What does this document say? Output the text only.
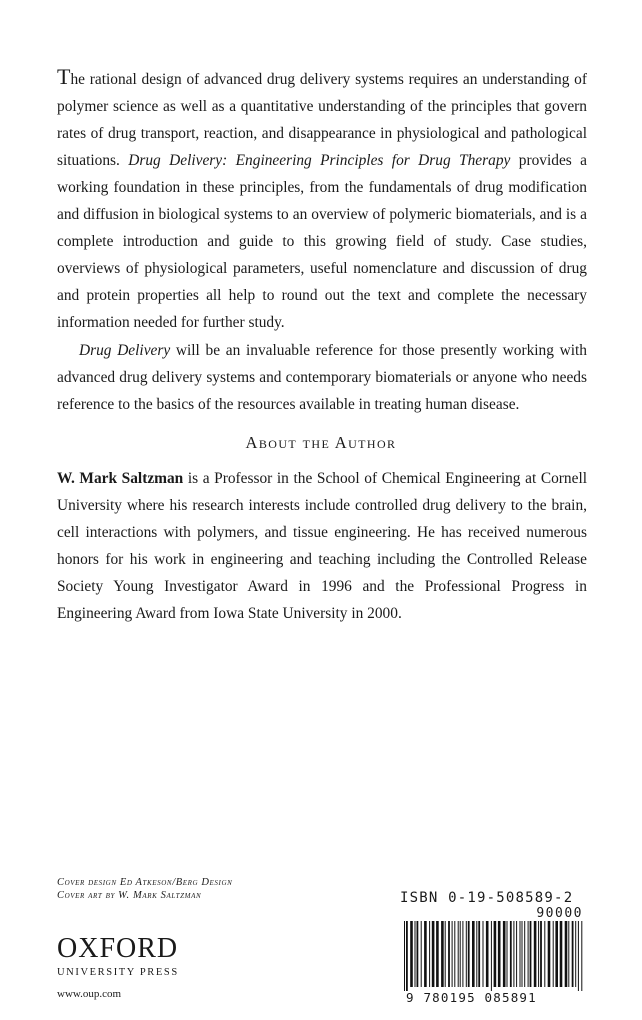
The rational design of advanced drug delivery systems requires an understanding of polymer science as well as a quantitative understanding of the principles that govern rates of drug transport, reaction, and disappearance in physiological and pathological situations. Drug Delivery: Engineering Principles for Drug Therapy provides a working foundation in these principles, from the fundamentals of drug modification and diffusion in biological systems to an overview of polymeric biomaterials, and is a complete introduction and guide to this growing field of study. Case studies, overviews of physiological parameters, useful nomenclature and discussion of drug and protein properties all help to round out the text and complete the necessary information needed for further study.

Drug Delivery will be an invaluable reference for those presently working with advanced drug delivery systems and contemporary biomaterials or anyone who needs reference to the basics of the resources available in treating human disease.

About the Author

W. Mark Saltzman is a Professor in the School of Chemical Engineering at Cornell University where his research interests include controlled drug delivery to the brain, cell interactions with polymers, and tissue engineering. He has received numerous honors for his work in engineering and teaching including the Controlled Release Society Young Investigator Award in 1996 and the Professional Progress in Engineering Award from Iowa State University in 2000.

Cover design Ed Atkeson/Berg Design
Cover art by W. Mark Saltzman
OXFORD
UNIVERSITY PRESS
www.oup.com
ISBN 0-19-508589-2
90000
9 780195 085891
